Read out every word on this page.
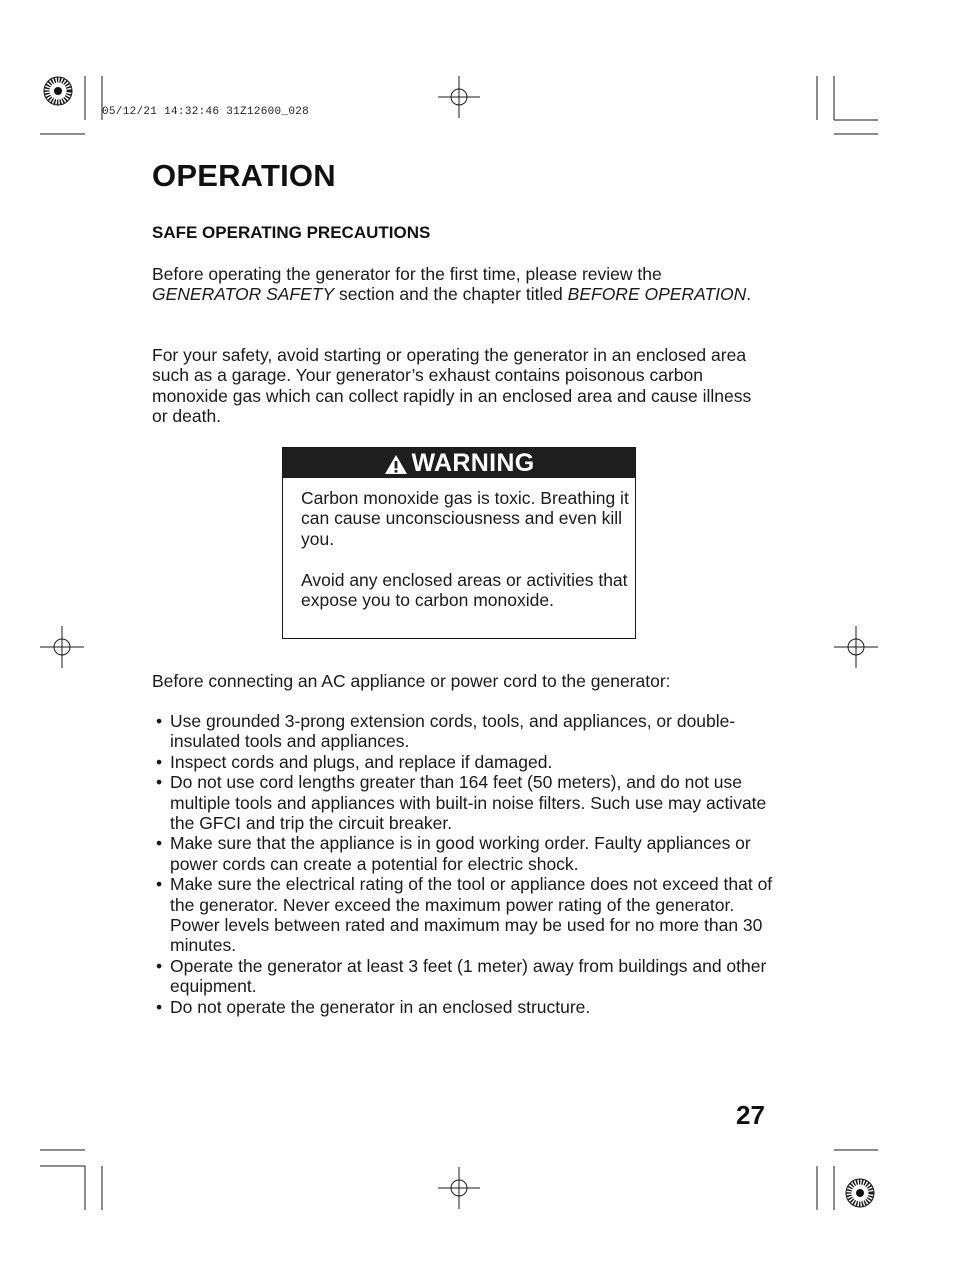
05/12/21 14:32:46 31Z12600_028
OPERATION
SAFE OPERATING PRECAUTIONS

Before operating the generator for the first time, please review the GENERATOR SAFETY section and the chapter titled BEFORE OPERATION.

For your safety, avoid starting or operating the generator in an enclosed area such as a garage. Your generator’s exhaust contains poisonous carbon monoxide gas which can collect rapidly in an enclosed area and cause illness or death.

WARNING

Carbon monoxide gas is toxic. Breathing it can cause unconsciousness and even kill you.

Avoid any enclosed areas or activities that expose you to carbon monoxide.

Before connecting an AC appliance or power cord to the generator:

• Use grounded 3-prong extension cords, tools, and appliances, or double-insulated tools and appliances.
• Inspect cords and plugs, and replace if damaged.
• Do not use cord lengths greater than 164 feet (50 meters), and do not use multiple tools and appliances with built-in noise filters. Such use may activate the GFCI and trip the circuit breaker.
• Make sure that the appliance is in good working order. Faulty appliances or power cords can create a potential for electric shock.
• Make sure the electrical rating of the tool or appliance does not exceed that of the generator. Never exceed the maximum power rating of the generator. Power levels between rated and maximum may be used for no more than 30 minutes.
• Operate the generator at least 3 feet (1 meter) away from buildings and other equipment.
• Do not operate the generator in an enclosed structure.
27
